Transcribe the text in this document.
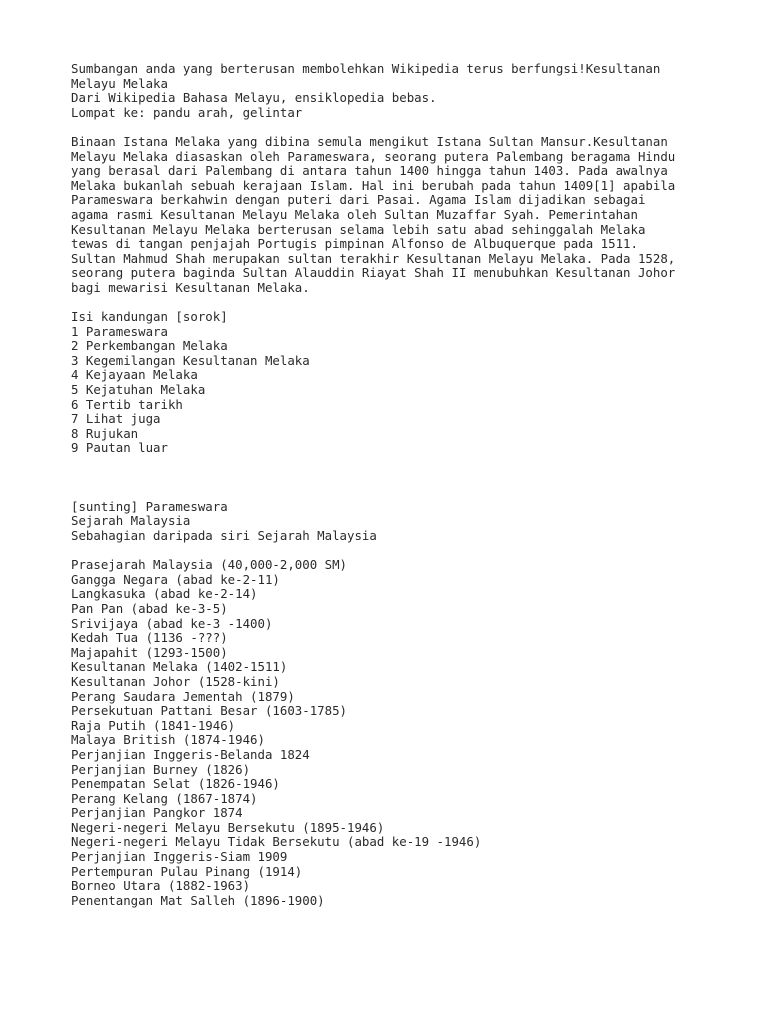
Sumbangan anda yang berterusan membolehkan Wikipedia terus berfungsi!Kesultanan
Melayu Melaka
Dari Wikipedia Bahasa Melayu, ensiklopedia bebas.
Lompat ke: pandu arah, gelintar
Binaan Istana Melaka yang dibina semula mengikut Istana Sultan Mansur.Kesultanan
Melayu Melaka diasaskan oleh Parameswara, seorang putera Palembang beragama Hindu
yang berasal dari Palembang di antara tahun 1400 hingga tahun 1403. Pada awalnya
Melaka bukanlah sebuah kerajaan Islam. Hal ini berubah pada tahun 1409[1] apabila
Parameswara berkahwin dengan puteri dari Pasai. Agama Islam dijadikan sebagai
agama rasmi Kesultanan Melayu Melaka oleh Sultan Muzaffar Syah. Pemerintahan
Kesultanan Melayu Melaka berterusan selama lebih satu abad sehinggalah Melaka
tewas di tangan penjajah Portugis pimpinan Alfonso de Albuquerque pada 1511.
Sultan Mahmud Shah merupakan sultan terakhir Kesultanan Melayu Melaka. Pada 1528,
seorang putera baginda Sultan Alauddin Riayat Shah II menubuhkan Kesultanan Johor
bagi mewarisi Kesultanan Melaka.
Isi kandungan [sorok]
1 Parameswara
2 Perkembangan Melaka
3 Kegemilangan Kesultanan Melaka
4 Kejayaan Melaka
5 Kejatuhan Melaka
6 Tertib tarikh
7 Lihat juga
8 Rujukan
9 Pautan luar
[sunting] Parameswara
Sejarah Malaysia
Sebahagian daripada siri Sejarah Malaysia
Prasejarah Malaysia (40,000-2,000 SM)
Gangga Negara (abad ke-2-11)
Langkasuka (abad ke-2-14)
Pan Pan (abad ke-3-5)
Srivijaya (abad ke-3 -1400)
Kedah Tua (1136 -???)
Majapahit (1293-1500)
Kesultanan Melaka (1402-1511)
Kesultanan Johor (1528-kini)
Perang Saudara Jementah (1879)
Persekutuan Pattani Besar (1603-1785)
Raja Putih (1841-1946)
Malaya British (1874-1946)
Perjanjian Inggeris-Belanda 1824
Perjanjian Burney (1826)
Penempatan Selat (1826-1946)
Perang Kelang (1867-1874)
Perjanjian Pangkor 1874
Negeri-negeri Melayu Bersekutu (1895-1946)
Negeri-negeri Melayu Tidak Bersekutu (abad ke-19 -1946)
Perjanjian Inggeris-Siam 1909
Pertempuran Pulau Pinang (1914)
Borneo Utara (1882-1963)
Penentangan Mat Salleh (1896-1900)
